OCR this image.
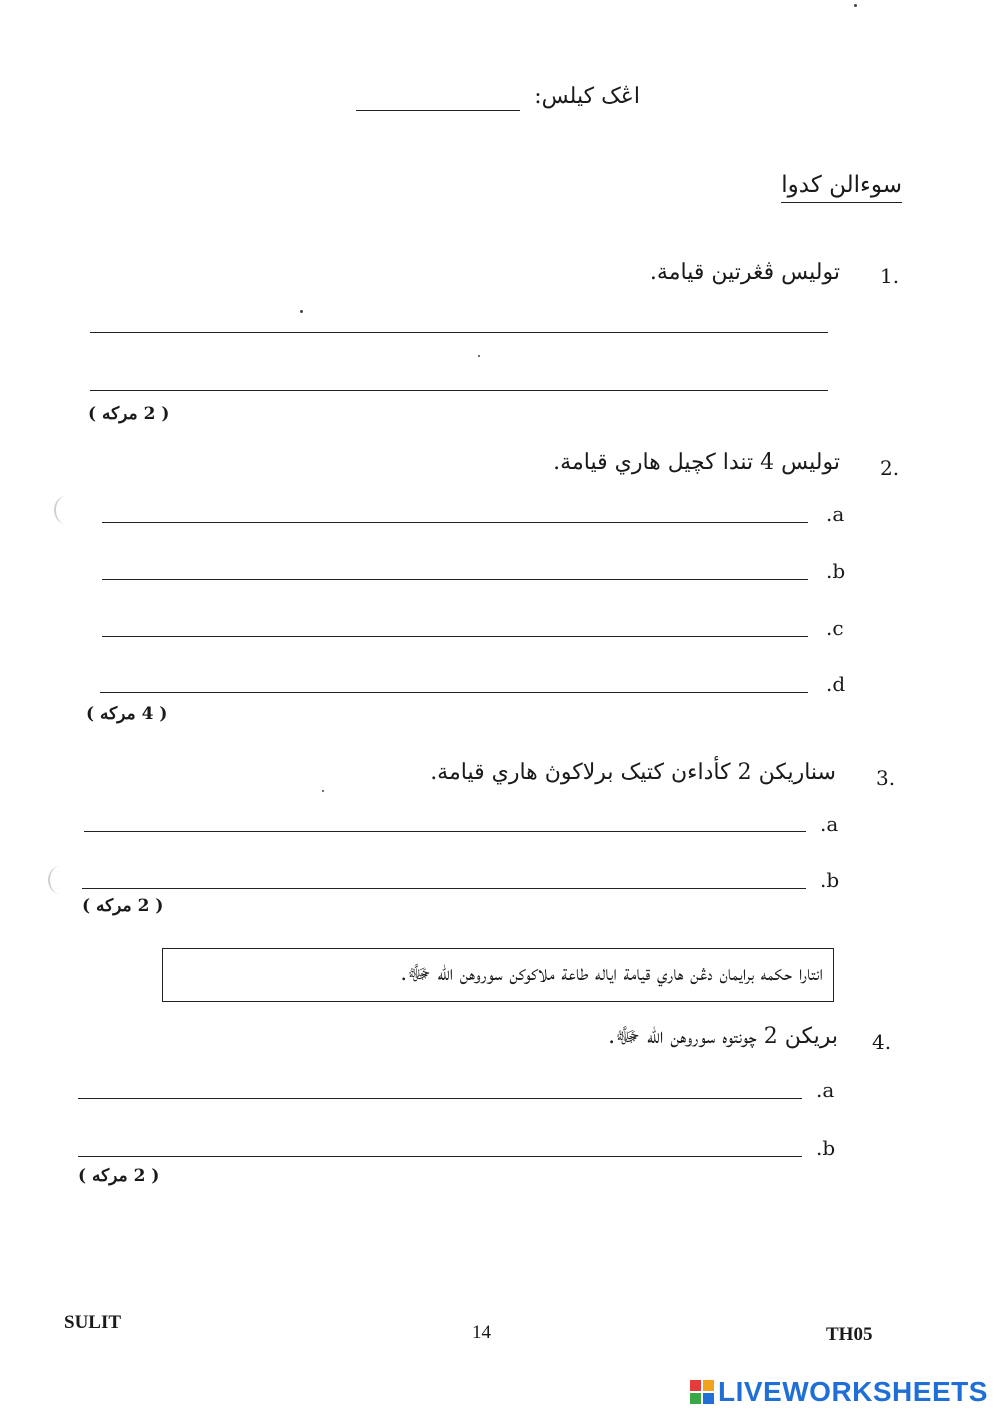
اڠک کيلس:
سوءالن کدوا
1.
توليس ڤڠرتين قيامة.
( 2 مرکه )
2.
توليس 4 تندا کچيل هاري قيامة.
.a
.b
.c
.d
( 4 مرکه )
3.
سناريکن 2 کأداءن کتيک برلاکوڽ هاري قيامة.
.a
.b
( 2 مرکه )
انتارا حکمه برايمان دڠن هاري قيامة اياله طاعة ملاکوکن سوروهن الله ﷻ.
4.
بريکن 2 چونتوه سوروهن الله ﷻ.
.a
.b
( 2 مرکه )
SULIT	14	TH05
LIVEWORKSHEETS
